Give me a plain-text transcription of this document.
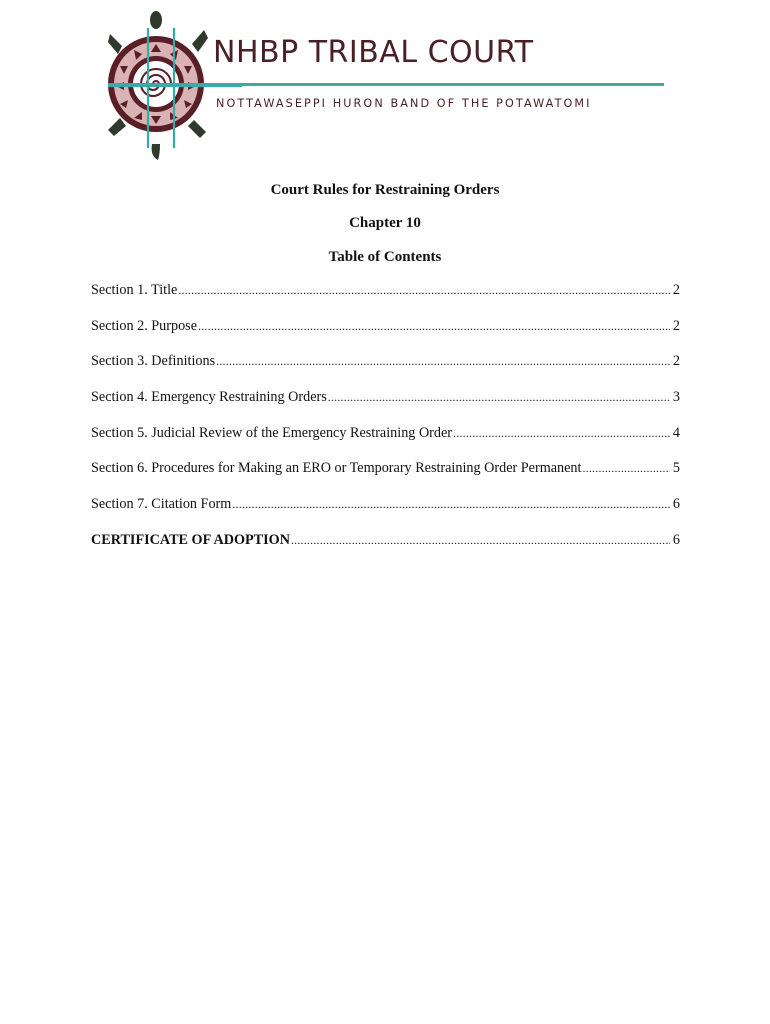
NHBP TRIBAL COURT
NOTTAWASEPPI HURON BAND OF THE POTAWATOMI
Court Rules for Restraining Orders
Chapter 10
Table of Contents
Section 1. Title .....	2
Section 2. Purpose .....	2
Section 3. Definitions .....	2
Section 4. Emergency Restraining Orders .....	3
Section 5. Judicial Review of the Emergency Restraining Order .....	4
Section 6. Procedures for Making an ERO or Temporary Restraining Order Permanent .....	5
Section 7. Citation Form .....	6
CERTIFICATE OF ADOPTION .....	6
